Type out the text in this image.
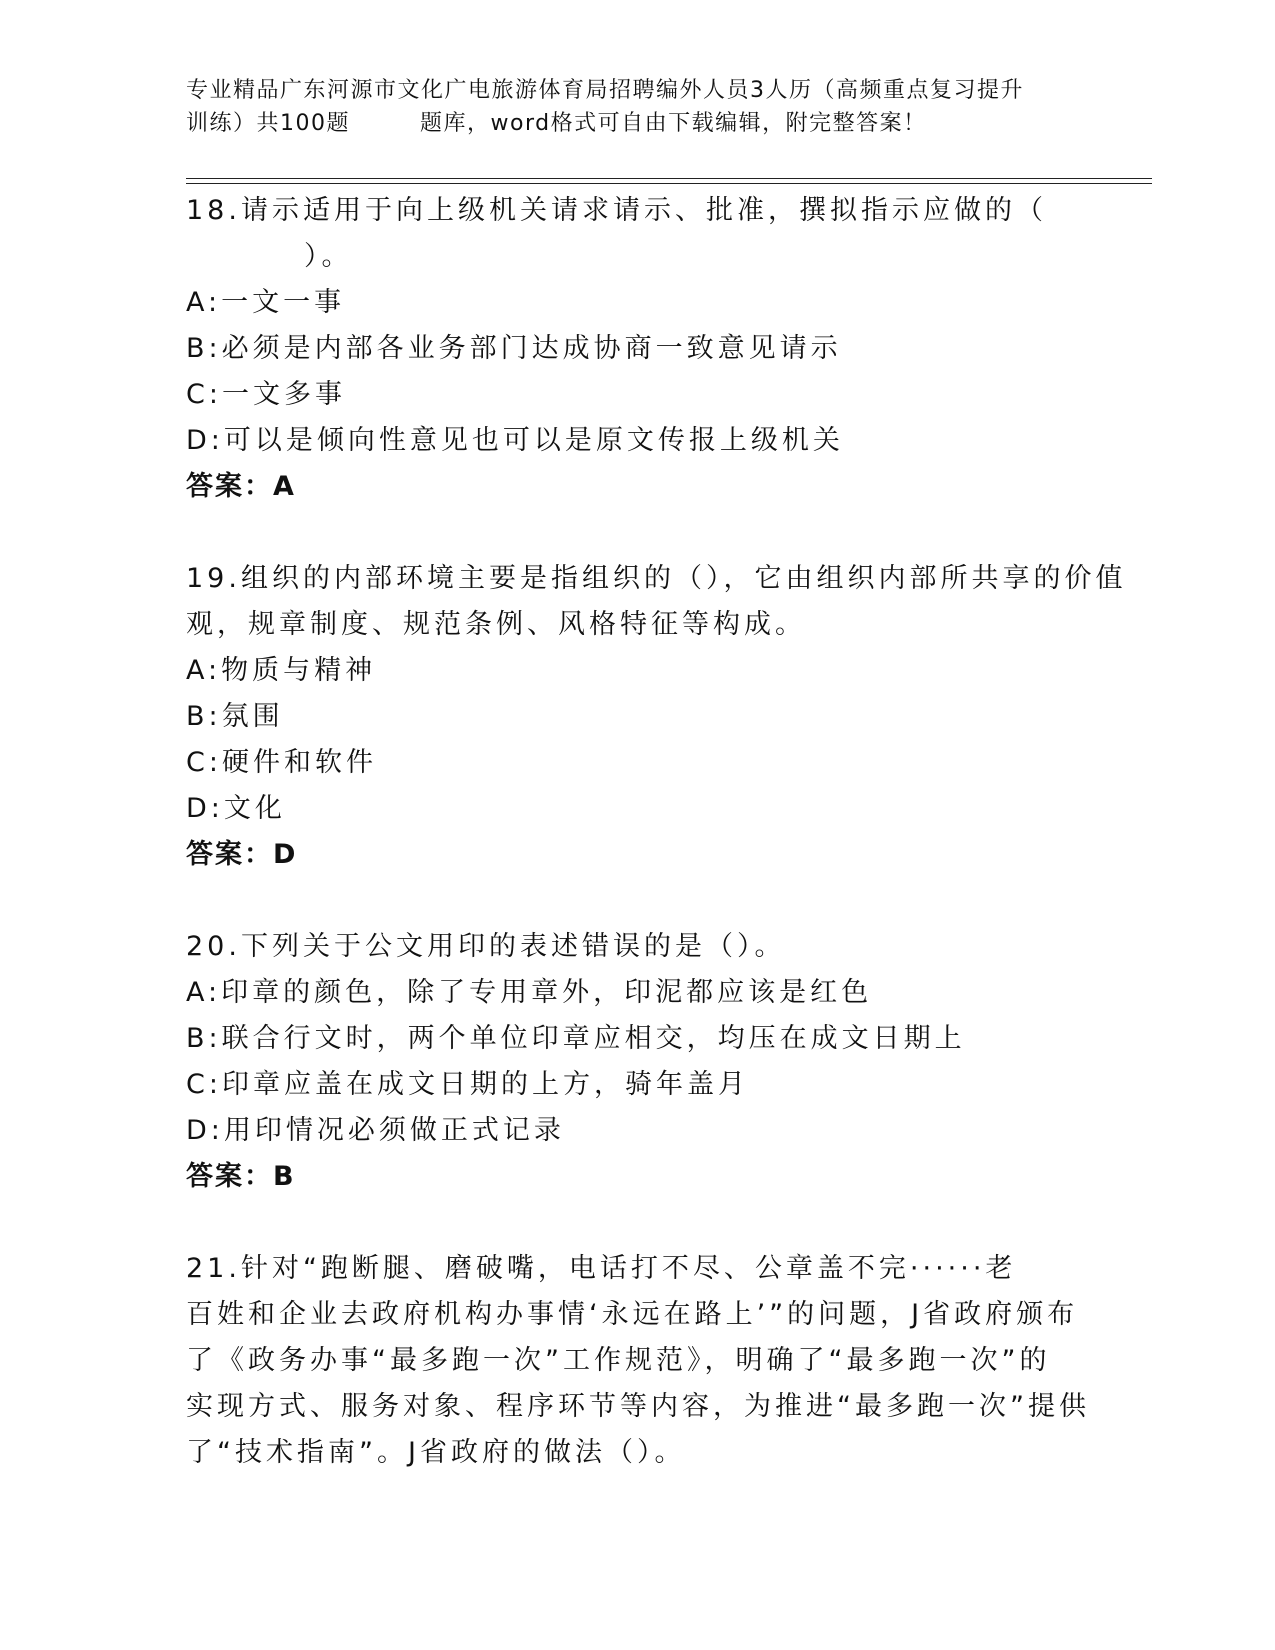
专业精品广东河源市文化广电旅游体育局招聘编外人员3人历（高频重点复习提升
训练）共100题	题库，word格式可自由下载编辑，附完整答案！
18.请示适用于向上级机关请求请示、批准，撰拟指示应做的（
）。
A:一文一事
B:必须是内部各业务部门达成协商一致意见请示
C:一文多事
D:可以是倾向性意见也可以是原文传报上级机关
答案：A
19.组织的内部环境主要是指组织的（），它由组织内部所共享的价值
观，规章制度、规范条例、风格特征等构成。
A:物质与精神
B:氛围
C:硬件和软件
D:文化
答案：D
20.下列关于公文用印的表述错误的是（）。
A:印章的颜色，除了专用章外，印泥都应该是红色
B:联合行文时，两个单位印章应相交，均压在成文日期上
C:印章应盖在成文日期的上方，骑年盖月
D:用印情况必须做正式记录
答案：B
21.针对“跑断腿、磨破嘴，电话打不尽、公章盖不完······老
百姓和企业去政府机构办事情‘永远在路上’”的问题，J省政府颁布
了《政务办事“最多跑一次”工作规范》，明确了“最多跑一次”的
实现方式、服务对象、程序环节等内容，为推进“最多跑一次”提供
了“技术指南”。J省政府的做法（）。
